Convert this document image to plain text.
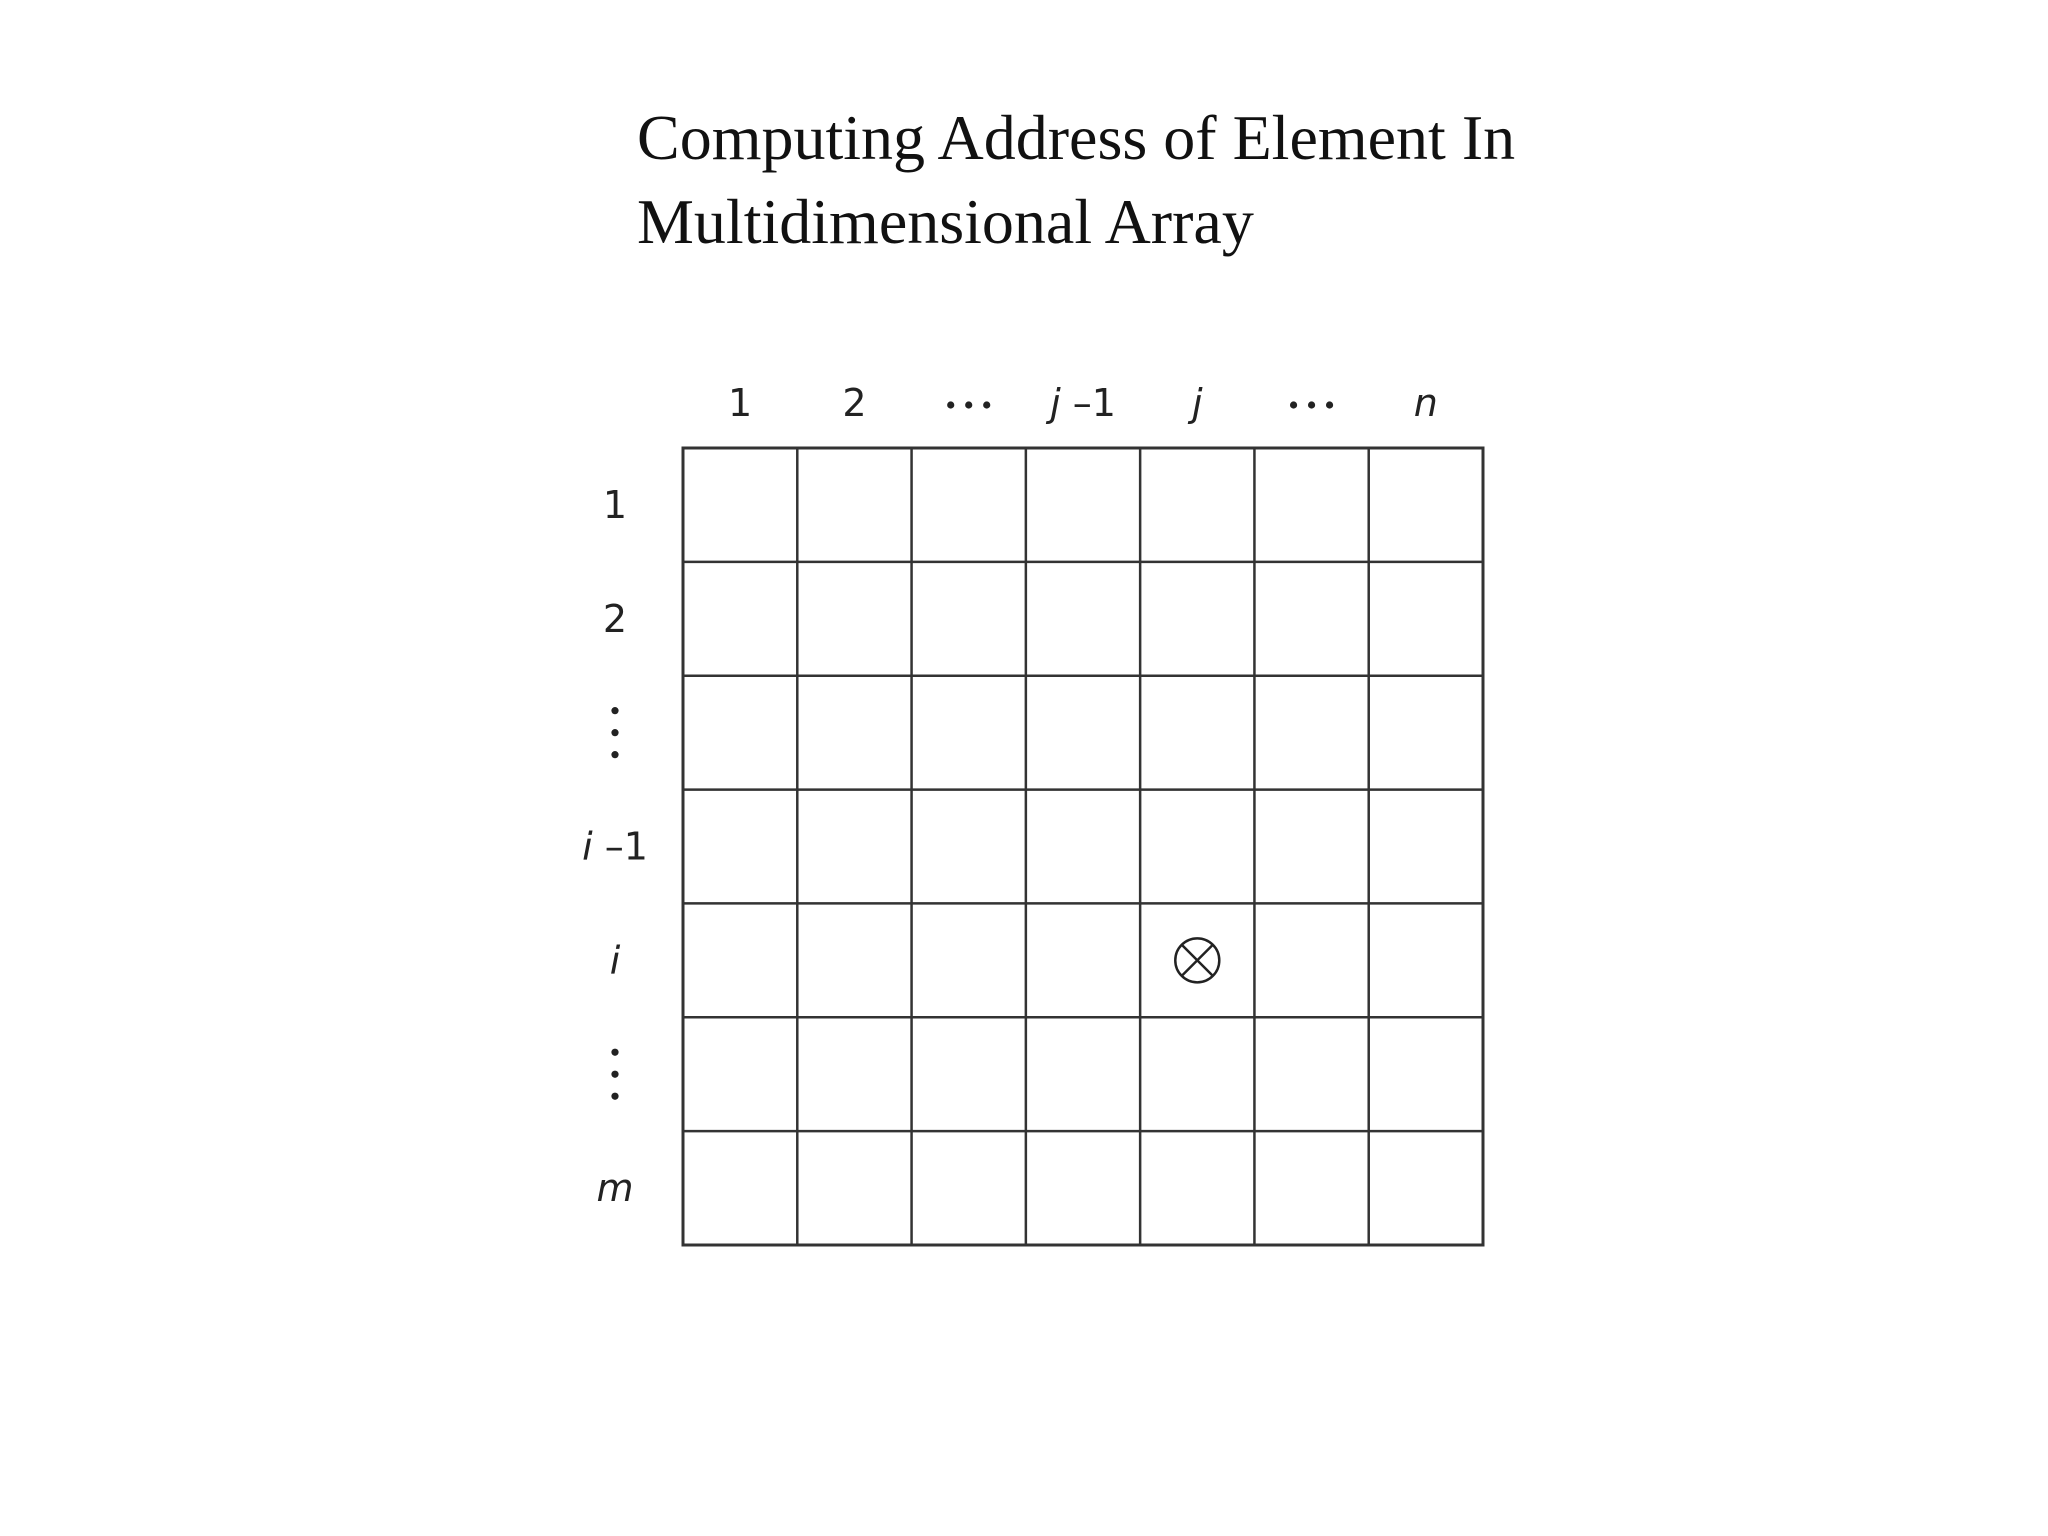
Computing Address of Element In
Multidimensional Array
1 2	j –1 j	n
1
2
i –1
i
m
